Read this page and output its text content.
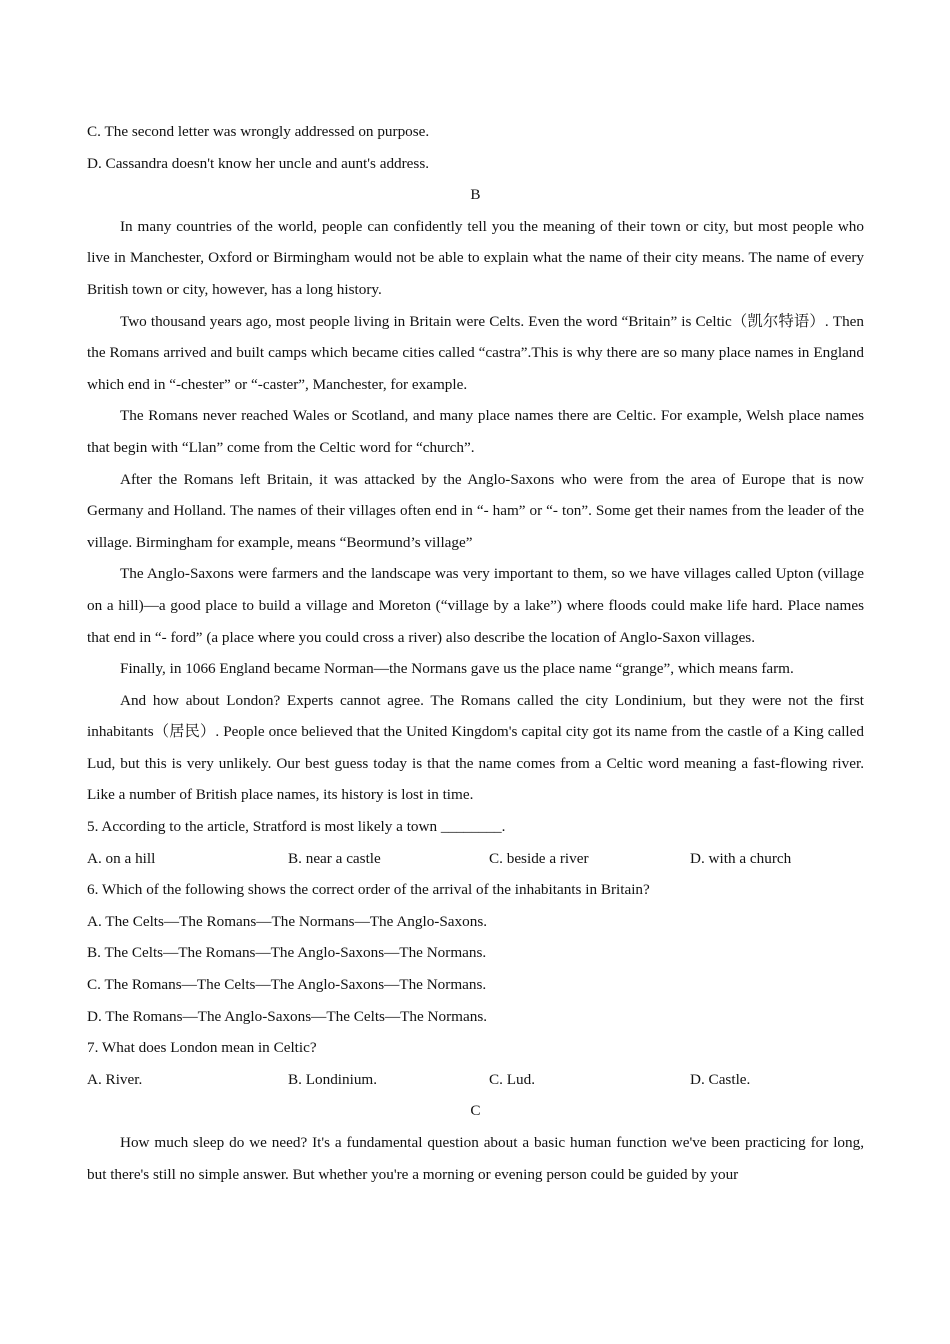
C. The second letter was wrongly addressed on purpose.

D. Cassandra doesn't know her uncle and aunt's address.

B

In many countries of the world, people can confidently tell you the meaning of their town or city, but most people who live in Manchester, Oxford or Birmingham would not be able to explain what the name of their city means. The name of every British town or city, however, has a long history.

Two thousand years ago, most people living in Britain were Celts. Even the word “Britain” is Celtic（凯尔特语）. Then the Romans arrived and built camps which became cities called “castra”.This is why there are so many place names in England which end in “-chester” or “-caster”, Manchester, for example.

The Romans never reached Wales or Scotland, and many place names there are Celtic. For example, Welsh place names that begin with “Llan” come from the Celtic word for “church”.

After the Romans left Britain, it was attacked by the Anglo-Saxons who were from the area of Europe that is now Germany and Holland. The names of their villages often end in “- ham” or “- ton”. Some get their names from the leader of the village. Birmingham for example, means “Beormund’s village”

The Anglo-Saxons were farmers and the landscape was very important to them, so we have villages called Upton (village on a hill)—a good place to build a village and Moreton (“village by a lake”) where floods could make life hard. Place names that end in “- ford” (a place where you could cross a river) also describe the location of Anglo-Saxon villages.

Finally, in 1066 England became Norman—the Normans gave us the place name “grange”, which means farm.

And how about London? Experts cannot agree. The Romans called the city Londinium, but they were not the first inhabitants（居民）. People once believed that the United Kingdom's capital city got its name from the castle of a King called Lud, but this is very unlikely. Our best guess today is that the name comes from a Celtic word meaning a fast-flowing river. Like a number of British place names, its history is lost in time.

5. According to the article, Stratford is most likely a town ________.

A. on a hill	B. near a castle	C. beside a river	D. with a church

6. Which of the following shows the correct order of the arrival of the inhabitants in Britain?

A. The Celts—The Romans—The Normans—The Anglo-Saxons.

B. The Celts—The Romans—The Anglo-Saxons—The Normans.

C. The Romans—The Celts—The Anglo-Saxons—The Normans.

D. The Romans—The Anglo-Saxons—The Celts—The Normans.

7. What does London mean in Celtic?

A. River.	B. Londinium.	C. Lud.	D. Castle.

C

How much sleep do we need? It's a fundamental question about a basic human function we've been practicing for long, but there's still no simple answer. But whether you're a morning or evening person could be guided by your
